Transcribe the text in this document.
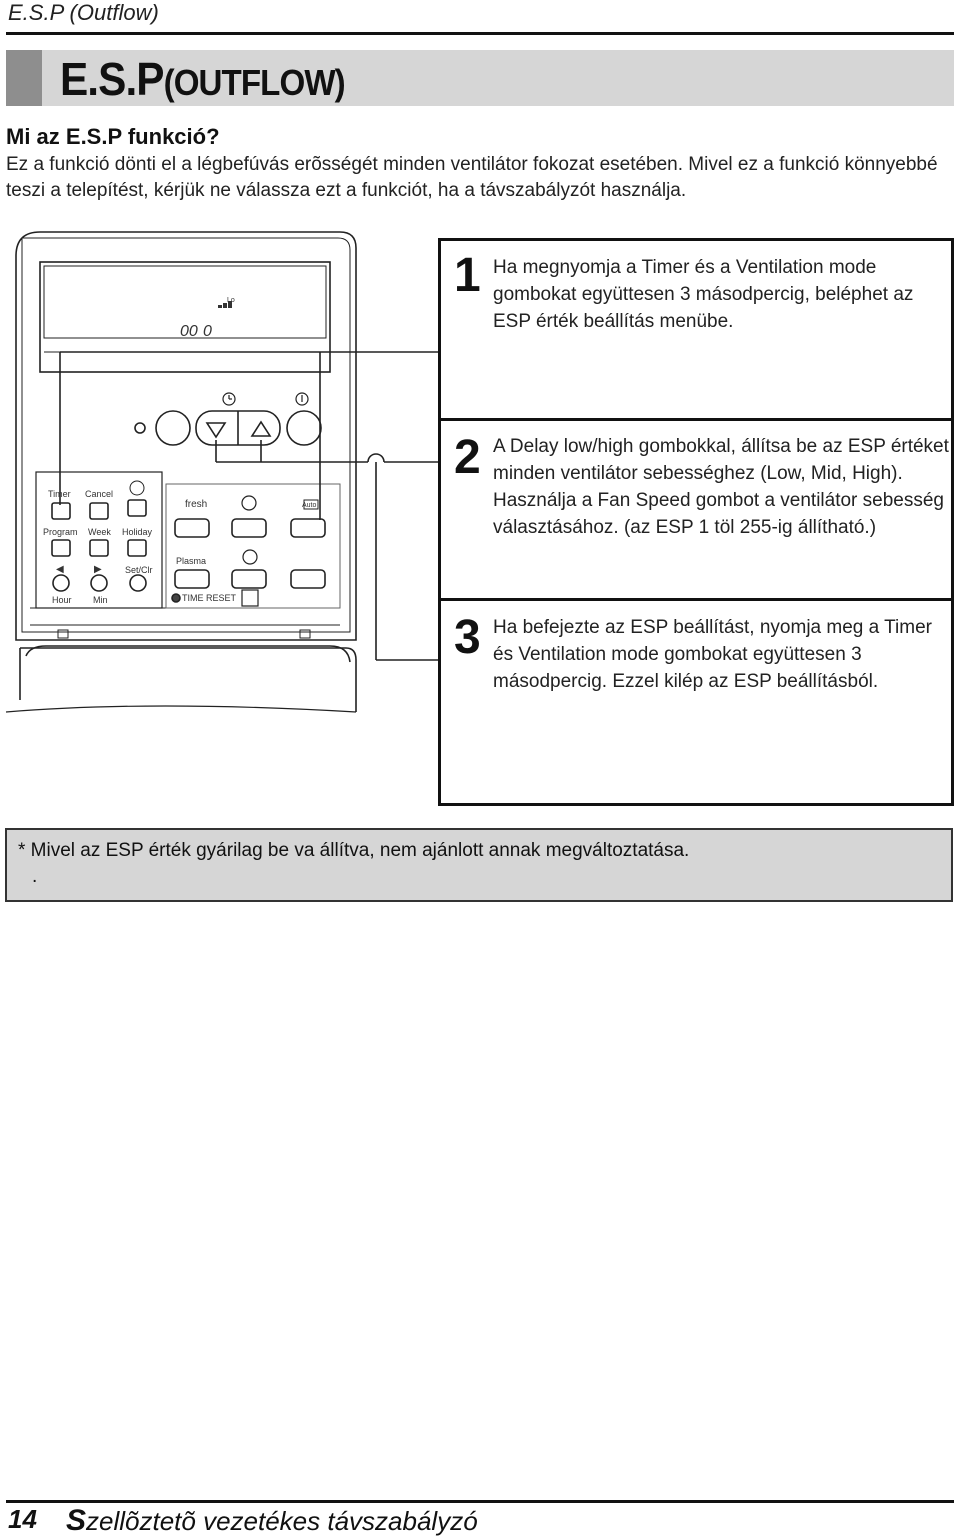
E.S.P (Outflow)
E.S.P(OUTFLOW)
Mi az E.S.P funkció?
Ez a funkció dönti el a légbefúvás erõsségét minden ventilátor fokozat esetében. Mivel ez a funkció könnyebbé teszi a telepítést, kérjük ne válassza ezt a funkciót, ha a távszabályzót használja.
Lo
00 0
Timer Cancel
Program Week Holiday
Set/Clr
Hour Min
fresh
Plasma
TIME RESET
Auto
◀	▶
1 Ha megnyomja a Timer és a Ventilation mode gombokat együttesen 3 másodpercig, beléphet az ESP érték beállítás menübe.
2 A Delay low/high gombokkal, állítsa be az ESP értéket minden ventilátor sebességhez (Low, Mid, High). Használja a Fan Speed gombot a ventilátor sebesség választásához. (az ESP 1 töl 255-ig állítható.)
3 Ha befejezte az ESP beállítást, nyomja meg a Timer és Ventilation mode gombokat együttesen 3 másodpercig. Ezzel kilép az ESP beállításból.
* Mivel az ESP érték gyárilag be va állítva, nem ajánlott annak megváltoztatása.
.
14 Szellõztetõ vezetékes távszabályzó
